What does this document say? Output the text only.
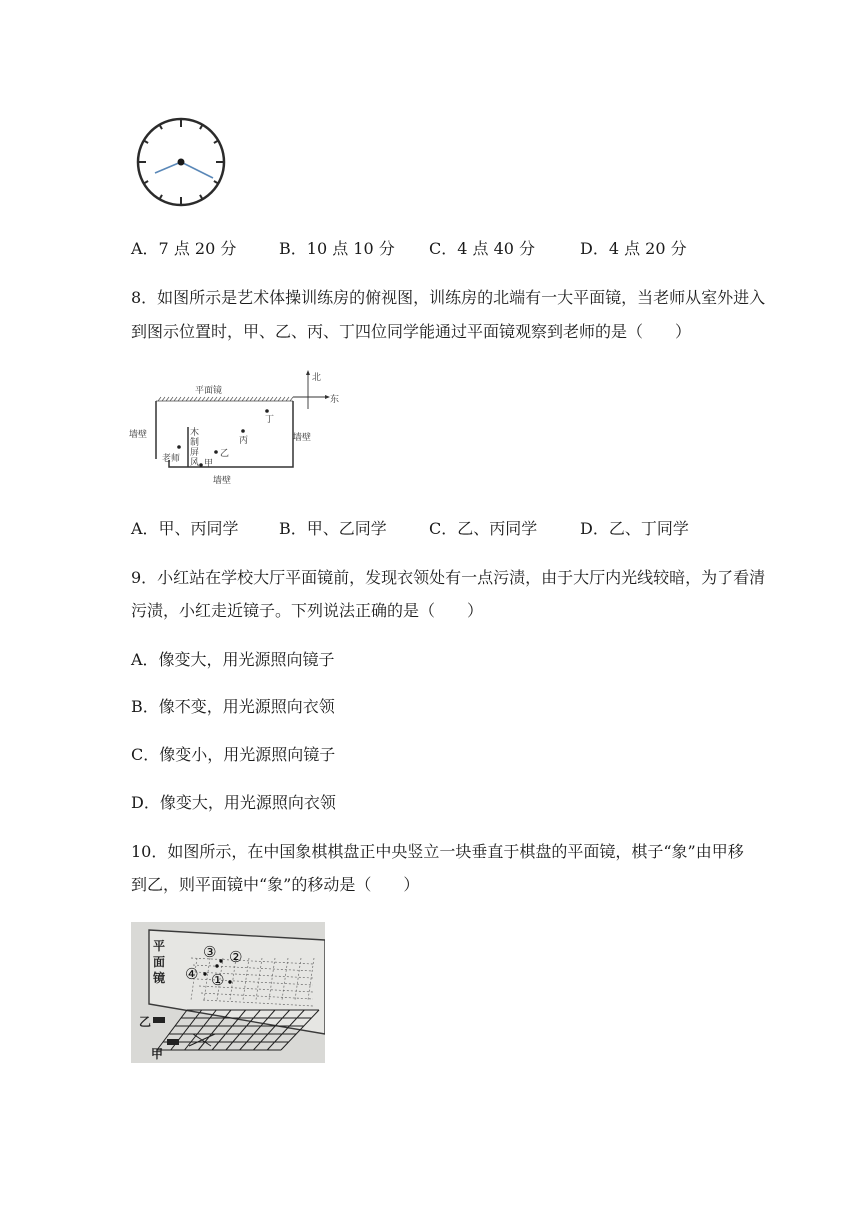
A．7 点 20 分	B．10 点 10 分 C．4 点 40 分	D．4 点 20 分
8．如图所示是艺术体操训练房的俯视图，训练房的北端有一大平面镜，当老师从室外进入
到图示位置时，甲、乙、丙、丁四位同学能通过平面镜观察到老师的是（　　）
平面镜
墙壁	墙壁
墙壁
北
东
木
制
屏
风
老师	甲
乙
丙
丁
A．甲、丙同学	B．甲、乙同学	C．乙、丙同学	D．乙、丁同学
9．小红站在学校大厅平面镜前，发现衣领处有一点污渍，由于大厅内光线较暗，为了看清
污渍，小红走近镜子。下列说法正确的是（　　）
A．像变大，用光源照向镜子
B．像不变，用光源照向衣领
C．像变小，用光源照向镜子
D．像变大，用光源照向衣领
10．如图所示，在中国象棋棋盘正中央竖立一块垂直于棋盘的平面镜，棋子“象”由甲移
到乙，则平面镜中“象”的移动是（　　）
平
面
镜
③ ②
④ ①
乙
甲
